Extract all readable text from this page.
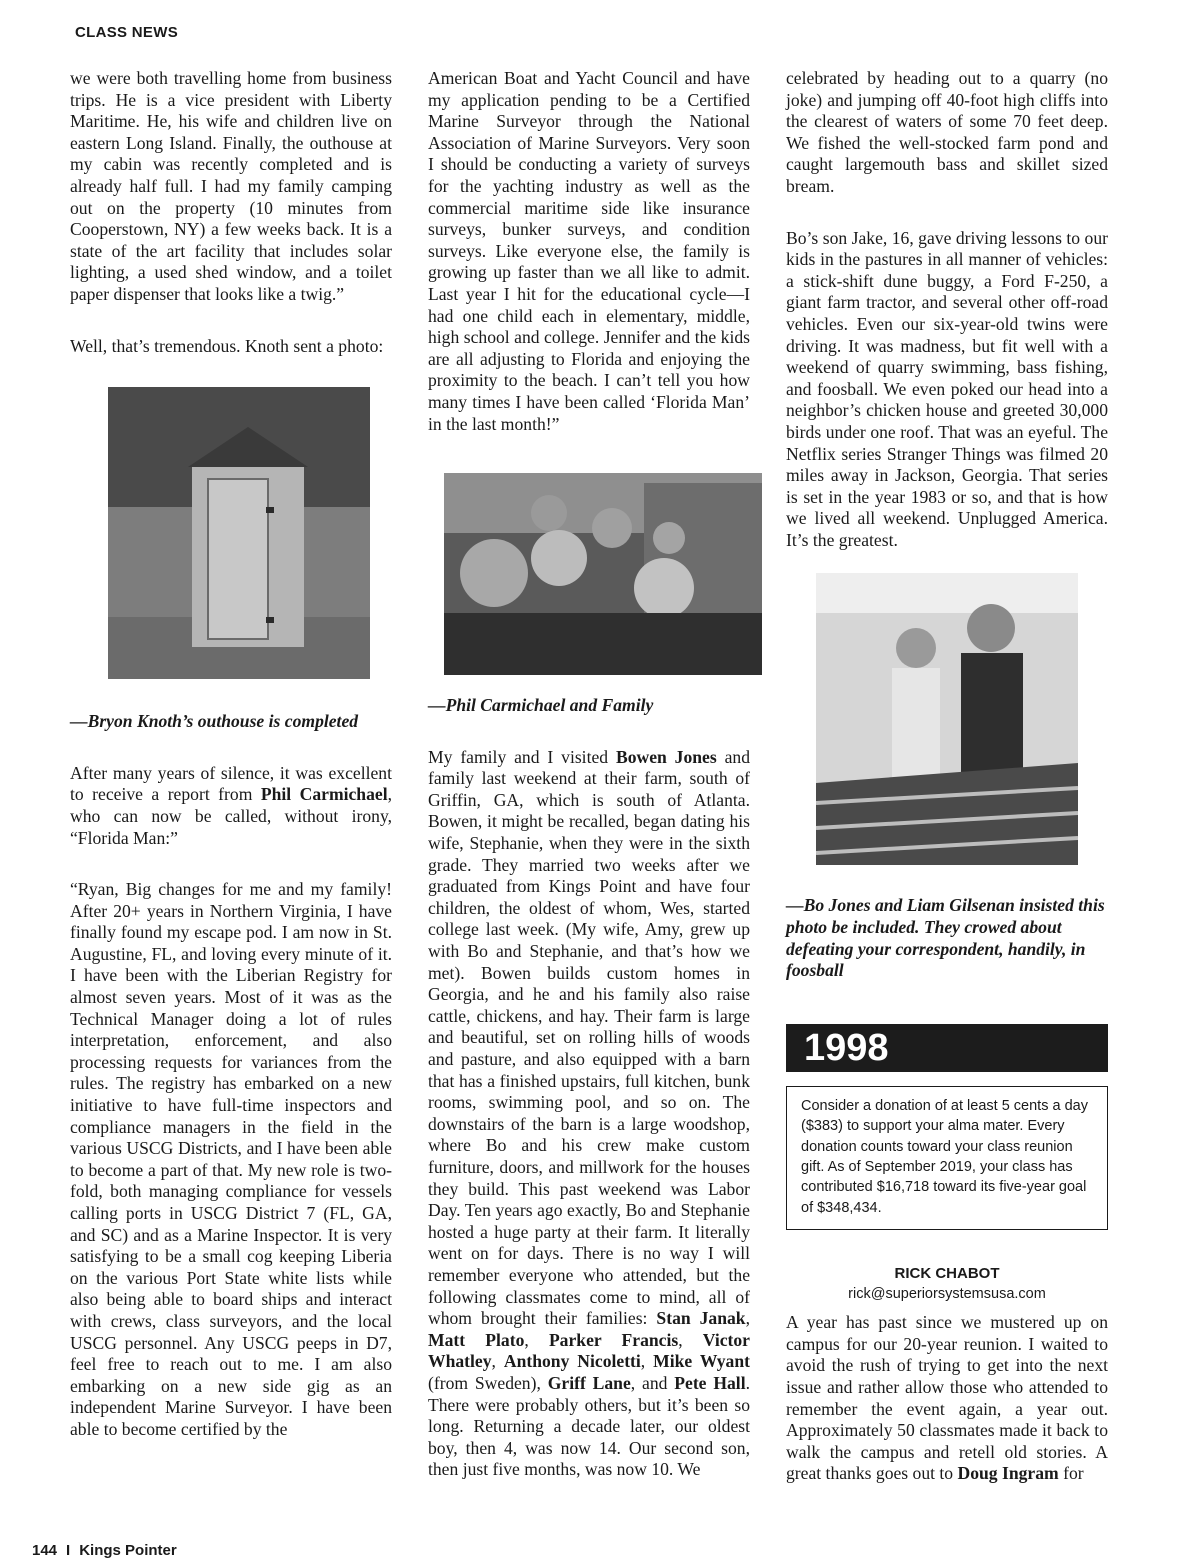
CLASS NEWS

we were both travelling home from business trips. He is a vice president with Liberty Maritime. He, his wife and children live on eastern Long Island. Finally, the outhouse at my cabin was recently completed and is already half full. I had my family camping out on the property (10 minutes from Cooperstown, NY) a few weeks back. It is a state of the art facility that includes solar lighting, a used shed window, and a toilet paper dispenser that looks like a twig.”

Well, that’s tremendous. Knoth sent a photo:

—Bryon Knoth’s outhouse is completed

After many years of silence, it was excellent to receive a report from Phil Carmichael, who can now be called, without irony, “Florida Man:”

“Ryan, Big changes for me and my family! After 20+ years in Northern Virginia, I have finally found my escape pod. I am now in St. Augustine, FL, and loving every minute of it. I have been with the Liberian Registry for almost seven years. Most of it was as the Technical Manager doing a lot of rules interpretation, enforcement, and also processing requests for variances from the rules. The registry has embarked on a new initiative to have full-time inspectors and compliance managers in the field in the various USCG Districts, and I have been able to become a part of that. My new role is two-fold, both managing compliance for vessels calling ports in USCG District 7 (FL, GA, and SC) and as a Marine Inspector. It is very satisfying to be a small cog keeping Liberia on the various Port State white lists while also being able to board ships and interact with crews, class surveyors, and the local USCG personnel. Any USCG peeps in D7, feel free to reach out to me. I am also embarking on a new side gig as an independent Marine Surveyor. I have been able to become certified by the

American Boat and Yacht Council and have my application pending to be a Certified Marine Surveyor through the National Association of Marine Surveyors. Very soon I should be conducting a variety of surveys for the yachting industry as well as the commercial maritime side like insurance surveys, bunker surveys, and condition surveys. Like everyone else, the family is growing up faster than we all like to admit. Last year I hit for the educational cycle—I had one child each in elementary, middle, high school and college. Jennifer and the kids are all adjusting to Florida and enjoying the proximity to the beach. I can’t tell you how many times I have been called ‘Florida Man’ in the last month!”

—Phil Carmichael and Family

My family and I visited Bowen Jones and family last weekend at their farm, south of Griffin, GA, which is south of Atlanta. Bowen, it might be recalled, began dating his wife, Stephanie, when they were in the sixth grade. They married two weeks after we graduated from Kings Point and have four children, the oldest of whom, Wes, started college last week. (My wife, Amy, grew up with Bo and Stephanie, and that’s how we met). Bowen builds custom homes in Georgia, and he and his family also raise cattle, chickens, and hay. Their farm is large and beautiful, set on rolling hills of woods and pasture, and also equipped with a barn that has a finished upstairs, full kitchen, bunk rooms, swimming pool, and so on. The downstairs of the barn is a large woodshop, where Bo and his crew make custom furniture, doors, and millwork for the houses they build. This past weekend was Labor Day. Ten years ago exactly, Bo and Stephanie hosted a huge party at their farm. It literally went on for days. There is no way I will remember everyone who attended, but the following classmates come to mind, all of whom brought their families: Stan Janak, Matt Plato, Parker Francis, Victor Whatley, Anthony Nicoletti, Mike Wyant (from Sweden), Griff Lane, and Pete Hall. There were probably others, but it’s been so long. Returning a decade later, our oldest boy, then 4, was now 14. Our second son, then just five months, was now 10. We

celebrated by heading out to a quarry (no joke) and jumping off 40-foot high cliffs into the clearest of waters of some 70 feet deep. We fished the well-stocked farm pond and caught largemouth bass and skillet sized bream.

Bo’s son Jake, 16, gave driving lessons to our kids in the pastures in all manner of vehicles: a stick-shift dune buggy, a Ford F-250, a giant farm tractor, and several other off-road vehicles. Even our six-year-old twins were driving. It was madness, but fit well with a weekend of quarry swimming, bass fishing, and foosball. We even poked our head into a neighbor’s chicken house and greeted 30,000 birds under one roof. That was an eyeful. The Netflix series Stranger Things was filmed 20 miles away in Jackson, Georgia. That series is set in the year 1983 or so, and that is how we lived all weekend. Unplugged America. It’s the greatest.

—Bo Jones and Liam Gilsenan insisted this photo be included. They crowed about defeating your correspondent, handily, in foosball

1998
Consider a donation of at least 5 cents a day ($383) to support your alma mater. Every donation counts toward your class reunion gift. As of September 2019, your class has contributed $16,718 toward its five-year goal of $348,434.
RICK CHABOT
rick@superiorsystemsusa.com

A year has past since we mustered up on campus for our 20-year reunion. I waited to avoid the rush of trying to get into the next issue and rather allow those who attended to remember the event again, a year out. Approximately 50 classmates made it back to walk the campus and retell old stories. A great thanks goes out to Doug Ingram for

144 I Kings Pointer
